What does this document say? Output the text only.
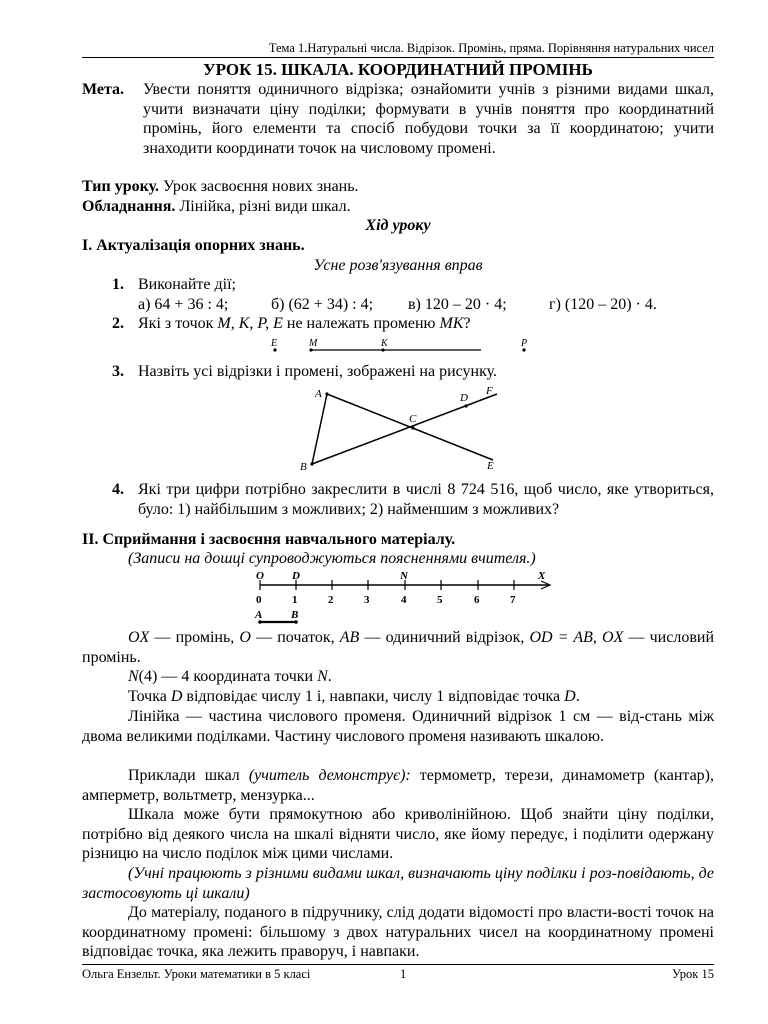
Тема 1.Натуральні числа. Відрізок. Промінь, пряма. Порівняння натуральних чисел
УРОК 15. ШКАЛА. КООРДИНАТНИЙ ПРОМІНЬ
Мета.	Увести поняття одиничного відрізка; ознайомити учнів з різними видами шкал, учити визначати ціну поділки; формувати в учнів поняття про координатний промінь, його елементи та спосіб побудови точки за її координатою; учити знаходити координати точок на числовому промені.
Тип уроку. Урок засвоєння нових знань.
Обладнання. Лінійка, різні види шкал.
Хід уроку
I. Актуалізація опорних знань.
Усне розв'язування вправ
1. Виконайте дії;
а) 64 + 36 : 4;	б) (62 + 34) : 4; в) 120 – 20 · 4;	г) (120 – 20) · 4.
2. Які з точок M, K, P, E не належать променю MK?
E	M	K	P
A
B
C
D
F
E
O	D	N	X
0	1	2	3	4	5	6	7
A	B
3. Назвіть усі відрізки і промені, зображені на рисунку.
4. Які три цифри потрібно закреслити в числі 8 724 516, щоб число, яке утвориться, було: 1) найбільшим з можливих; 2) найменшим з можливих?
II. Сприймання і засвоєння навчального матеріалу.
(Записи на дошці супроводжуються поясненнями вчителя.)
OX — промінь, O — початок, AB — одиничний відрізок, OD = AB, OX — числовий промінь.
N(4) — 4 координата точки N.
Точка D відповідає числу 1 і, навпаки, числу 1 відповідає точка D.
Лінійка — частина числового променя. Одиничний відрізок 1 см — від-стань між двома великими поділками. Частину числового променя називають шкалою.
Приклади шкал (учитель демонструє): термометр, терези, динамометр (кантар), амперметр, вольтметр, мензурка...
Шкала може бути прямокутною або криволінійною. Щоб знайти ціну поділки, потрібно від деякого числа на шкалі відняти число, яке йому передує, і поділити одержану різницю на число поділок між цими числами.
(Учні працюють з різними видами шкал, визначають ціну поділки і роз-повідають, де застосовують ці шкали)
До матеріалу, поданого в підручнику, слід додати відомості про власти-вості точок на координатному промені: більшому з двох натуральних чисел на координатному промені відповідає точка, яка лежить праворуч, і навпаки.
Ольга Ензельт. Уроки математики в 5 класі	1	Урок 15
